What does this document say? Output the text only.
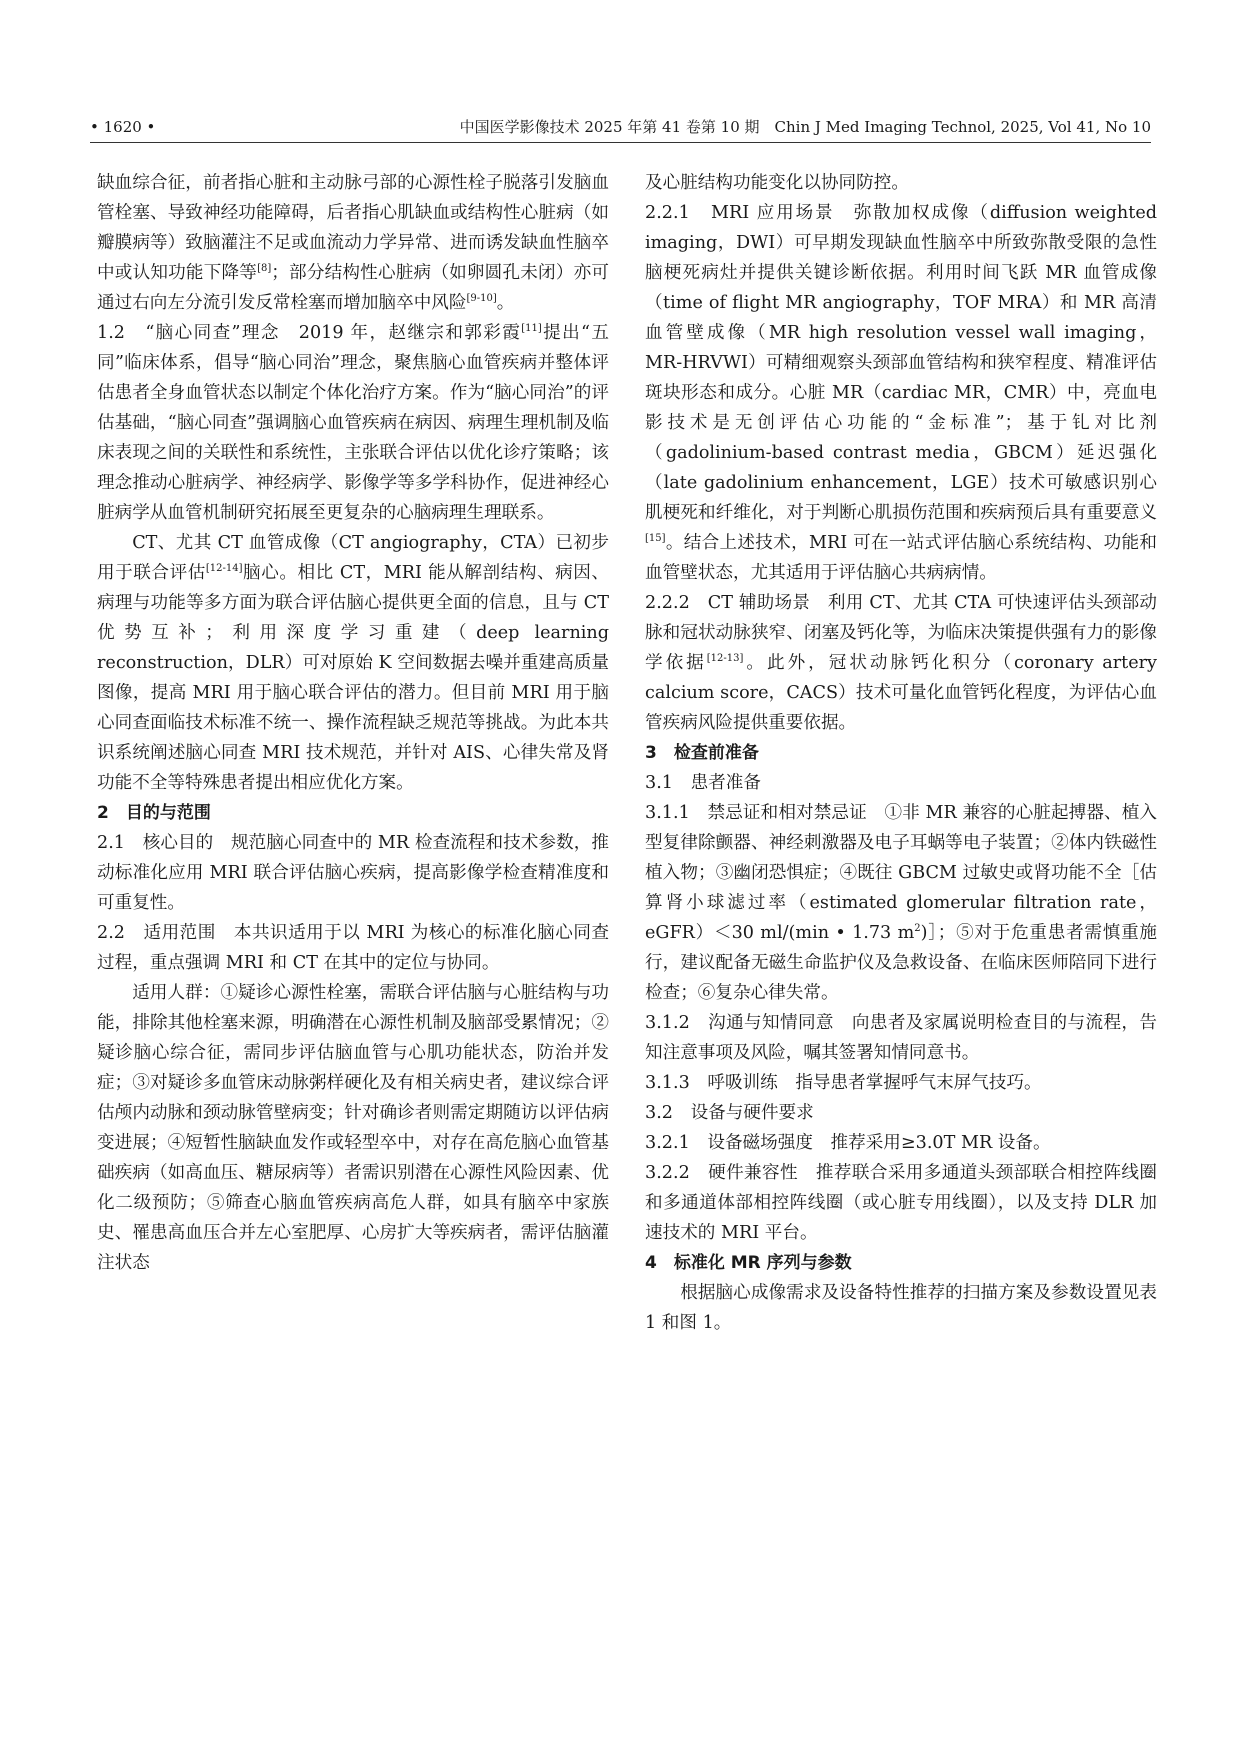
• 1620 •	中国医学影像技术 2025 年第 41 卷第 10 期　Chin J Med Imaging Technol, 2025, Vol 41, No 10

缺血综合征，前者指心脏和主动脉弓部的心源性栓子脱落引发脑血管栓塞、导致神经功能障碍，后者指心肌缺血或结构性心脏病（如瓣膜病等）致脑灌注不足或血流动力学异常、进而诱发缺血性脑卒中或认知功能下降等[8]；部分结构性心脏病（如卵圆孔未闭）亦可通过右向左分流引发反常栓塞而增加脑卒中风险[9-10]。

1.2　“脑心同查”理念　2019 年，赵继宗和郭彩霞[11]提出“五同”临床体系，倡导“脑心同治”理念，聚焦脑心血管疾病并整体评估患者全身血管状态以制定个体化治疗方案。作为“脑心同治”的评估基础，“脑心同查”强调脑心血管疾病在病因、病理生理机制及临床表现之间的关联性和系统性，主张联合评估以优化诊疗策略；该理念推动心脏病学、神经病学、影像学等多学科协作，促进神经心脏病学从血管机制研究拓展至更复杂的心脑病理生理联系。

CT、尤其 CT 血管成像（CT angiography，CTA）已初步用于联合评估[12-14]脑心。相比 CT，MRI 能从解剖结构、病因、病理与功能等多方面为联合评估脑心提供更全面的信息，且与 CT 优势互补；利用深度学习重建（deep learning reconstruction，DLR）可对原始 K 空间数据去噪并重建高质量图像，提高 MRI 用于脑心联合评估的潜力。但目前 MRI 用于脑心同查面临技术标准不统一、操作流程缺乏规范等挑战。为此本共识系统阐述脑心同查 MRI 技术规范，并针对 AIS、心律失常及肾功能不全等特殊患者提出相应优化方案。

2　目的与范围

2.1　核心目的　规范脑心同查中的 MR 检查流程和技术参数，推动标准化应用 MRI 联合评估脑心疾病，提高影像学检查精准度和可重复性。

2.2　适用范围　本共识适用于以 MRI 为核心的标准化脑心同查过程，重点强调 MRI 和 CT 在其中的定位与协同。

适用人群：①疑诊心源性栓塞，需联合评估脑与心脏结构与功能，排除其他栓塞来源，明确潜在心源性机制及脑部受累情况；②疑诊脑心综合征，需同步评估脑血管与心肌功能状态，防治并发症；③对疑诊多血管床动脉粥样硬化及有相关病史者，建议综合评估颅内动脉和颈动脉管壁病变；针对确诊者则需定期随访以评估病变进展；④短暂性脑缺血发作或轻型卒中，对存在高危脑心血管基础疾病（如高血压、糖尿病等）者需识别潜在心源性风险因素、优化二级预防；⑤筛查心脑血管疾病高危人群，如具有脑卒中家族史、罹患高血压合并左心室肥厚、心房扩大等疾病者，需评估脑灌注状态

及心脏结构功能变化以协同防控。

2.2.1　MRI 应用场景　弥散加权成像（diffusion weighted imaging，DWI）可早期发现缺血性脑卒中所致弥散受限的急性脑梗死病灶并提供关键诊断依据。利用时间飞跃 MR 血管成像（time of flight MR angiography，TOF MRA）和 MR 高清血管壁成像（MR high resolution vessel wall imaging，MR-HRVWI）可精细观察头颈部血管结构和狭窄程度、精准评估斑块形态和成分。心脏 MR（cardiac MR，CMR）中，亮血电影技术是无创评估心功能的“金标准”；基于钆对比剂（gadolinium-based contrast media，GBCM）延迟强化（late gadolinium enhancement，LGE）技术可敏感识别心肌梗死和纤维化，对于判断心肌损伤范围和疾病预后具有重要意义[15]。结合上述技术，MRI 可在一站式评估脑心系统结构、功能和血管壁状态，尤其适用于评估脑心共病病情。

2.2.2　CT 辅助场景　利用 CT、尤其 CTA 可快速评估头颈部动脉和冠状动脉狭窄、闭塞及钙化等，为临床决策提供强有力的影像学依据[12-13]。此外，冠状动脉钙化积分（coronary artery calcium score，CACS）技术可量化血管钙化程度，为评估心血管疾病风险提供重要依据。

3　检查前准备

3.1　患者准备

3.1.1　禁忌证和相对禁忌证　①非 MR 兼容的心脏起搏器、植入型复律除颤器、神经刺激器及电子耳蜗等电子装置；②体内铁磁性植入物；③幽闭恐惧症；④既往 GBCM 过敏史或肾功能不全［估算肾小球滤过率（estimated glomerular filtration rate，eGFR）＜30 ml/(min • 1.73 $m^2)]$；⑤对于危重患者需慎重施行，建议配备无磁生命监护仪及急救设备、在临床医师陪同下进行检查；⑥复杂心律失常。

3.1.2　沟通与知情同意　向患者及家属说明检查目的与流程，告知注意事项及风险，嘱其签署知情同意书。

3.1.3　呼吸训练　指导患者掌握呼气末屏气技巧。

3.2　设备与硬件要求

3.2.1　设备磁场强度　推荐采用≥3.0T MR 设备。

3.2.2　硬件兼容性　推荐联合采用多通道头颈部联合相控阵线圈和多通道体部相控阵线圈（或心脏专用线圈），以及支持 DLR 加速技术的 MRI 平台。

4　标准化 MR 序列与参数

根据脑心成像需求及设备特性推荐的扫描方案及参数设置见表 1 和图 1。
